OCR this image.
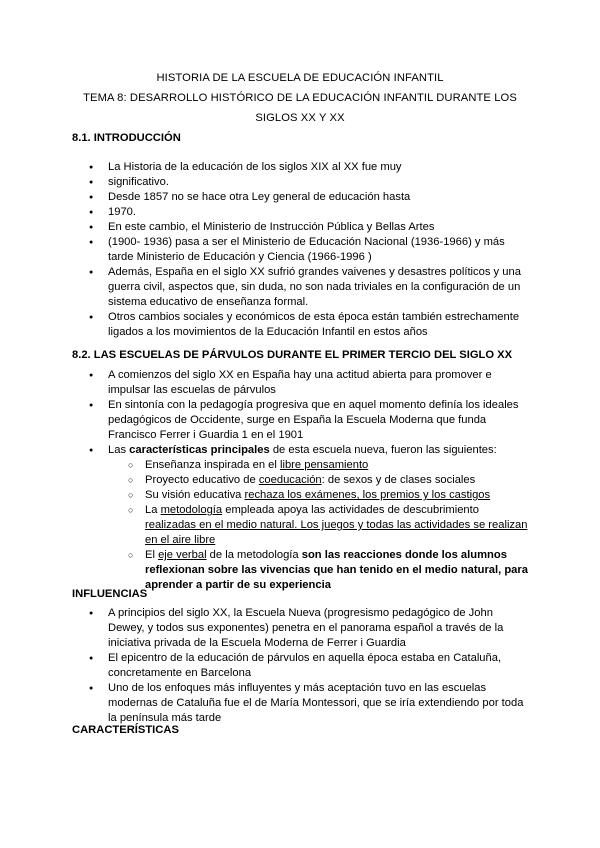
HISTORIA DE LA ESCUELA DE EDUCACIÓN INFANTIL
TEMA 8: DESARROLLO HISTÓRICO DE LA EDUCACIÓN INFANTIL DURANTE LOS
SIGLOS XX Y XX
8.1. INTRODUCCIÓN
● La Historia de la educación de los siglos XIX al XX fue muy
● significativo.
● Desde 1857 no se hace otra Ley general de educación hasta
● 1970.
● En este cambio, el Ministerio de Instrucción Pública y Bellas Artes
● (1900- 1936) pasa a ser el Ministerio de Educación Nacional (1936-1966) y más
tarde Ministerio de Educación y Ciencia (1966-1996 )
● Además, España en el siglo XX sufrió grandes vaivenes y desastres políticos y una
guerra civil, aspectos que, sin duda, no son nada triviales en la configuración de un
sistema educativo de enseñanza formal.
● Otros cambios sociales y económicos de esta época están también estrechamente
ligados a los movimientos de la Educación Infantil en estos años
8.2. LAS ESCUELAS DE PÁRVULOS DURANTE EL PRIMER TERCIO DEL SIGLO XX
● A comienzos del siglo XX en España hay una actitud abierta para promover e
impulsar las escuelas de párvulos
● En sintonía con la pedagogía progresiva que en aquel momento definía los ideales
pedagógicos de Occidente, surge en España la Escuela Moderna que funda
Francisco Ferrer i Guardia 1 en el 1901
● Las características principales de esta escuela nueva, fueron las siguientes:
○ Enseñanza inspirada en el libre pensamiento
○ Proyecto educativo de coeducación: de sexos y de clases sociales
○ Su visión educativa rechaza los exámenes, los premios y los castigos
○ La metodología empleada apoya las actividades de descubrimiento
realizadas en el medio natural. Los juegos y todas las actividades se realizan
en el aire libre
○ El eje verbal de la metodología son las reacciones donde los alumnos
reflexionan sobre las vivencias que han tenido en el medio natural, para
aprender a partir de su experiencia
INFLUENCIAS
● A principios del siglo XX, la Escuela Nueva (progresismo pedagógico de John
Dewey, y todos sus exponentes) penetra en el panorama español a través de la
iniciativa privada de la Escuela Moderna de Ferrer i Guardia
● El epicentro de la educación de párvulos en aquella época estaba en Cataluña,
concretamente en Barcelona
● Uno de los enfoques más influyentes y más aceptación tuvo en las escuelas
modernas de Cataluña fue el de María Montessori, que se iría extendiendo por toda
la península más tarde
CARACTERÍSTICAS
